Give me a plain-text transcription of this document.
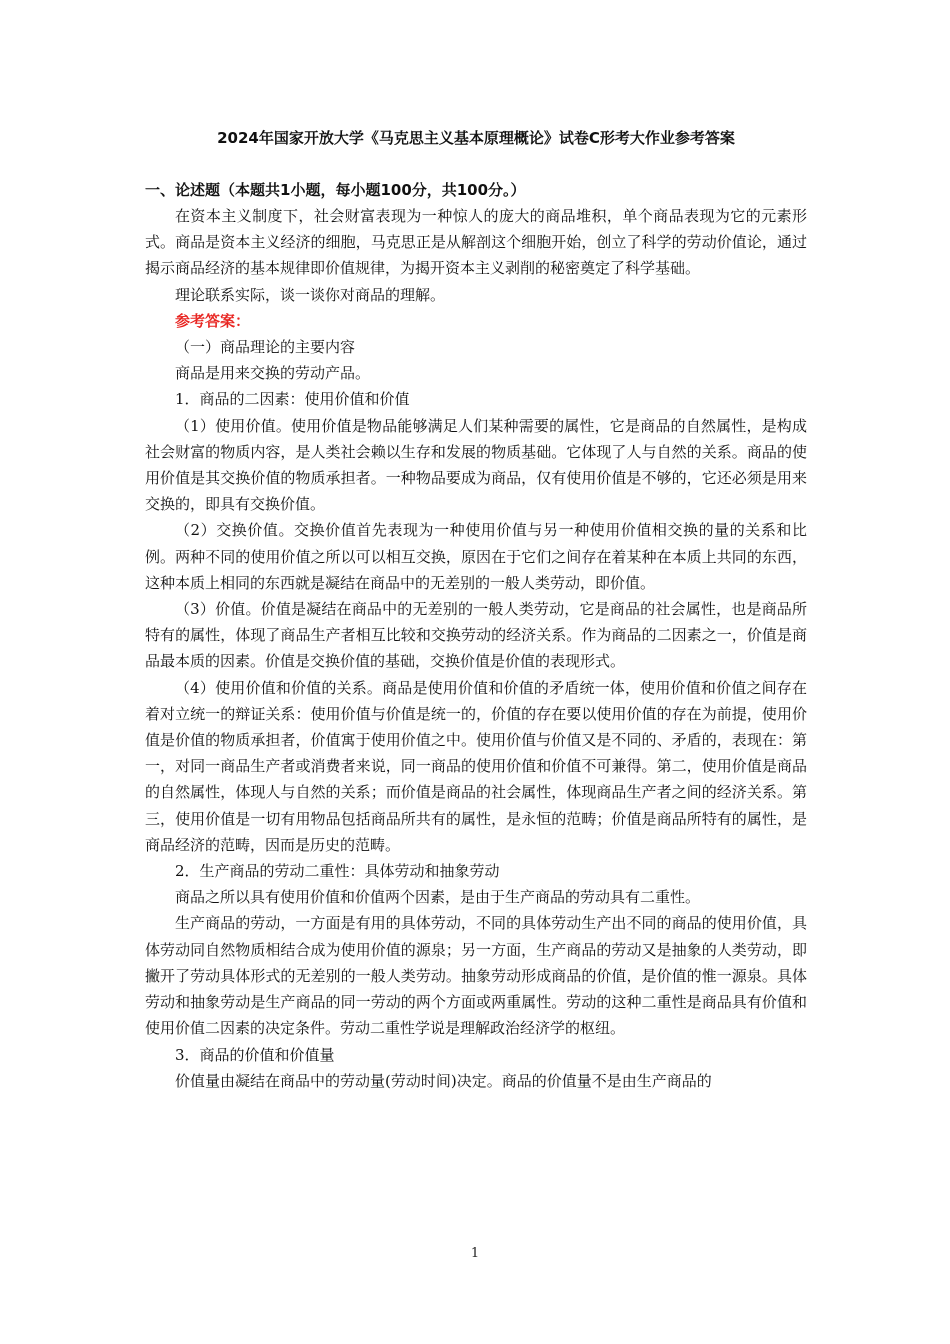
2024年国家开放大学《马克思主义基本原理概论》试卷C形考大作业参考答案
一、论述题（本题共1小题，每小题100分，共100分。）

在资本主义制度下，社会财富表现为一种惊人的庞大的商品堆积，单个商品表现为它的元素形式。商品是资本主义经济的细胞，马克思正是从解剖这个细胞开始，创立了科学的劳动价值论，通过揭示商品经济的基本规律即价值规律，为揭开资本主义剥削的秘密奠定了科学基础。

理论联系实际，谈一谈你对商品的理解。

参考答案：

（一）商品理论的主要内容

商品是用来交换的劳动产品。

1．商品的二因素：使用价值和价值

（1）使用价值。使用价值是物品能够满足人们某种需要的属性，它是商品的自然属性，是构成社会财富的物质内容，是人类社会赖以生存和发展的物质基础。它体现了人与自然的关系。商品的使用价值是其交换价值的物质承担者。一种物品要成为商品，仅有使用价值是不够的，它还必须是用来交换的，即具有交换价值。

（2）交换价值。交换价值首先表现为一种使用价值与另一种使用价值相交换的量的关系和比例。两种不同的使用价值之所以可以相互交换，原因在于它们之间存在着某种在本质上共同的东西，这种本质上相同的东西就是凝结在商品中的无差别的一般人类劳动，即价值。

（3）价值。价值是凝结在商品中的无差别的一般人类劳动，它是商品的社会属性，也是商品所特有的属性，体现了商品生产者相互比较和交换劳动的经济关系。作为商品的二因素之一，价值是商品最本质的因素。价值是交换价值的基础，交换价值是价值的表现形式。

（4）使用价值和价值的关系。商品是使用价值和价值的矛盾统一体，使用价值和价值之间存在着对立统一的辩证关系：使用价值与价值是统一的，价值的存在要以使用价值的存在为前提，使用价值是价值的物质承担者，价值寓于使用价值之中。使用价值与价值又是不同的、矛盾的，表现在：第一，对同一商品生产者或消费者来说，同一商品的使用价值和价值不可兼得。第二，使用价值是商品的自然属性，体现人与自然的关系；而价值是商品的社会属性，体现商品生产者之间的经济关系。第三，使用价值是一切有用物品包括商品所共有的属性，是永恒的范畴；价值是商品所特有的属性，是商品经济的范畴，因而是历史的范畴。

2．生产商品的劳动二重性：具体劳动和抽象劳动

商品之所以具有使用价值和价值两个因素，是由于生产商品的劳动具有二重性。

生产商品的劳动，一方面是有用的具体劳动，不同的具体劳动生产出不同的商品的使用价值，具体劳动同自然物质相结合成为使用价值的源泉；另一方面，生产商品的劳动又是抽象的人类劳动，即撇开了劳动具体形式的无差别的一般人类劳动。抽象劳动形成商品的价值，是价值的惟一源泉。具体劳动和抽象劳动是生产商品的同一劳动的两个方面或两重属性。劳动的这种二重性是商品具有价值和使用价值二因素的决定条件。劳动二重性学说是理解政治经济学的枢纽。

3．商品的价值和价值量

价值量由凝结在商品中的劳动量(劳动时间)决定。商品的价值量不是由生产商品的

1
